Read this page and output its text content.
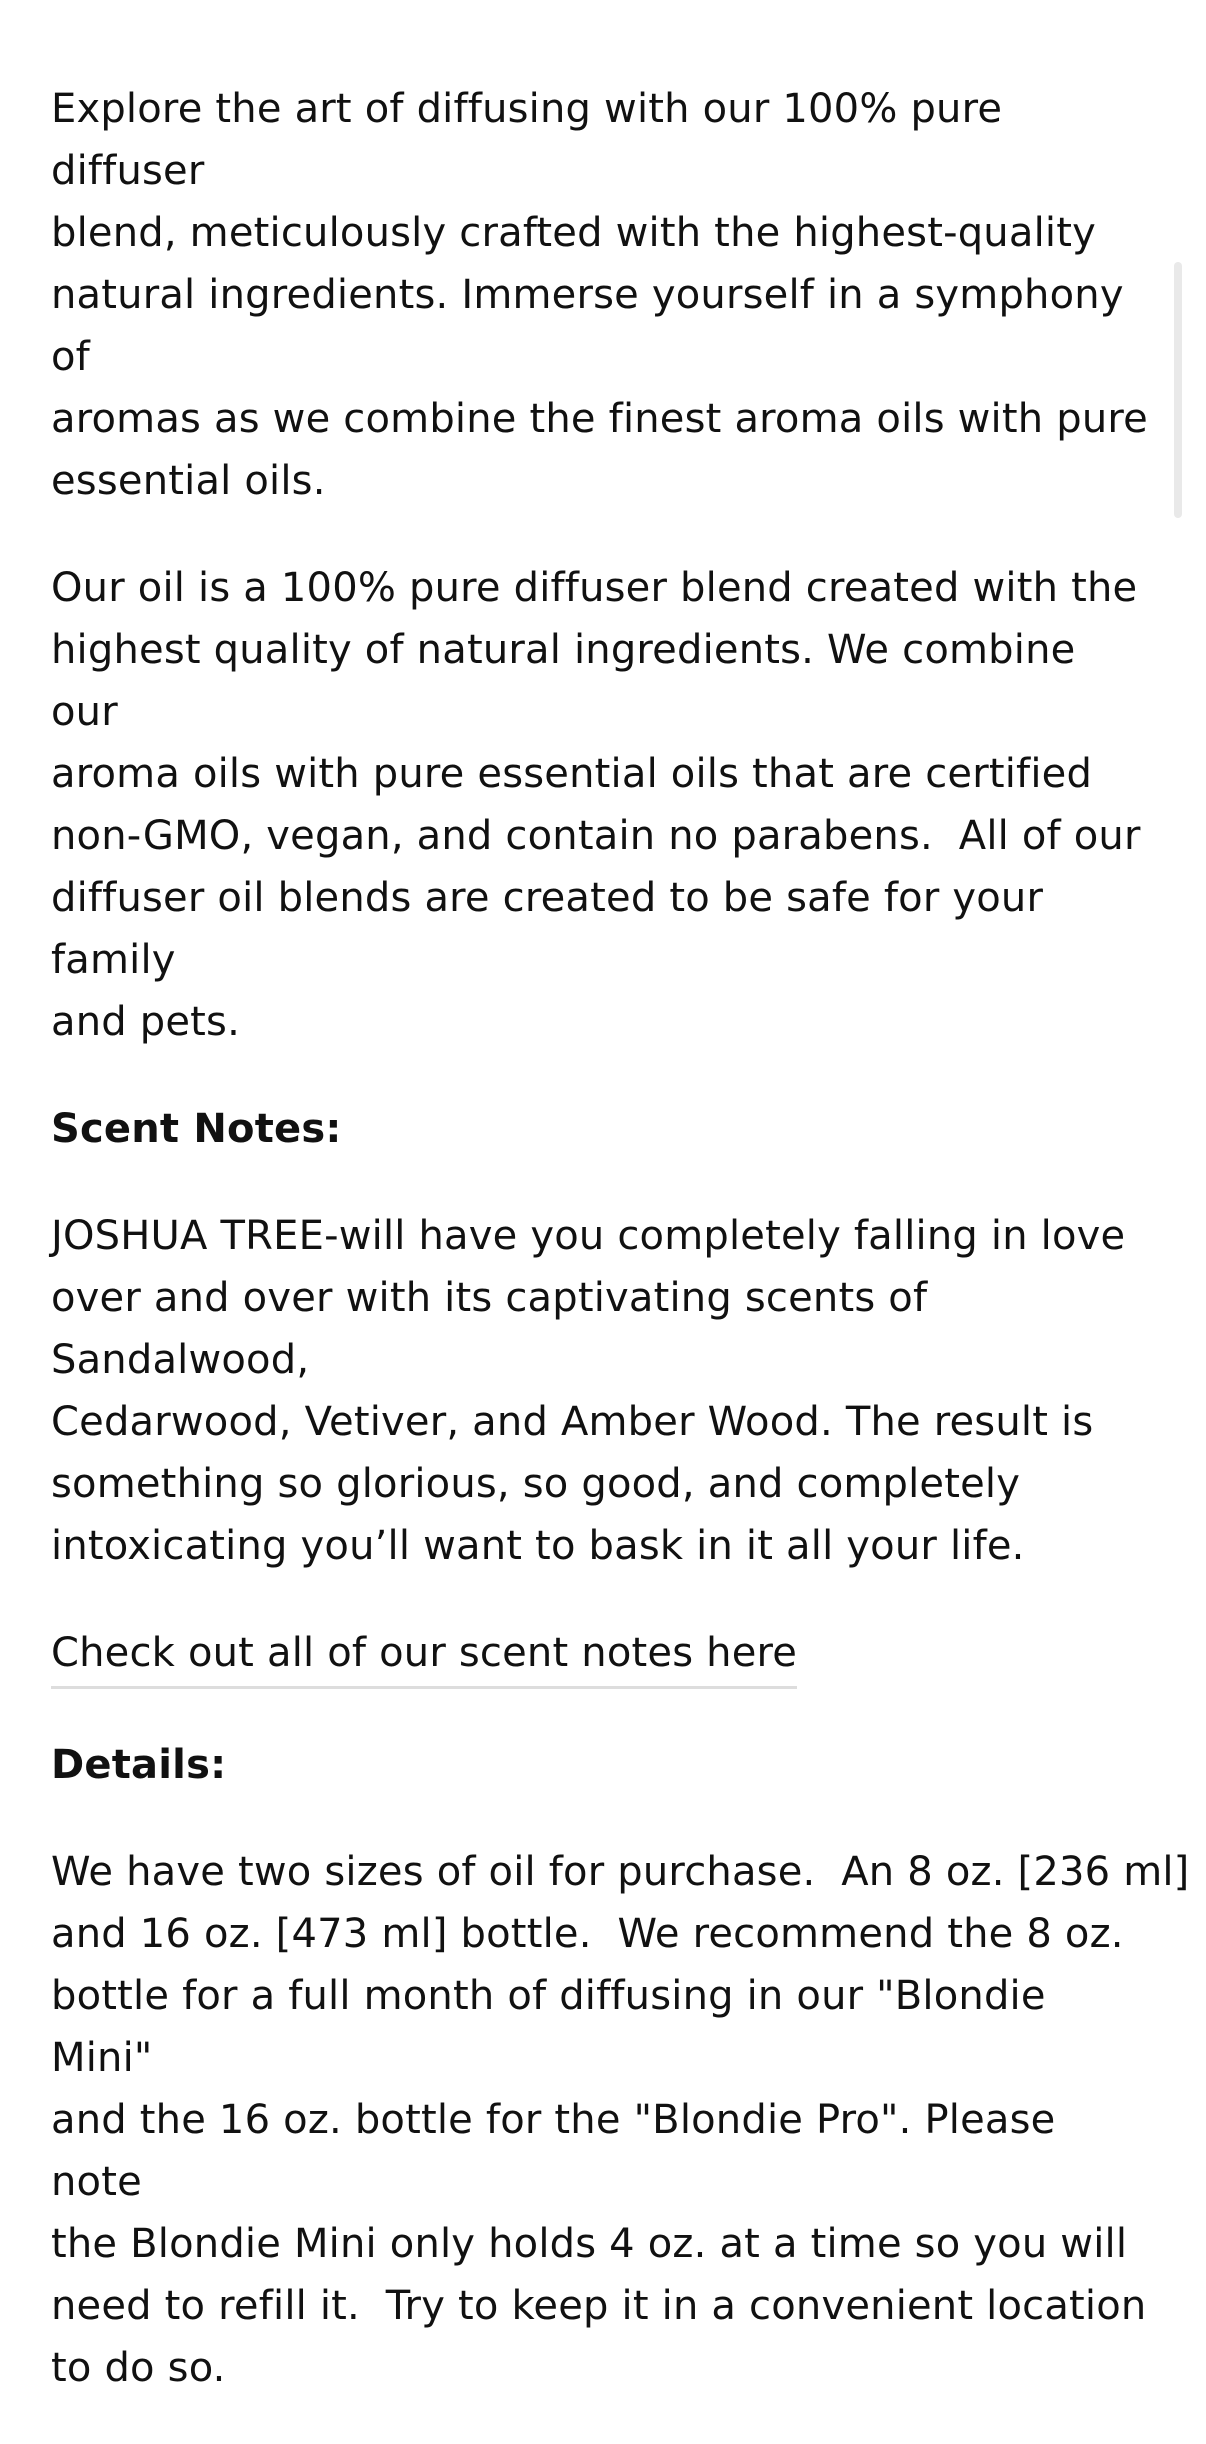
Explore the art of diffusing with our 100% pure diffuser
blend, meticulously crafted with the highest-quality
natural ingredients. Immerse yourself in a symphony of
aromas as we combine the finest aroma oils with pure
essential oils.

Our oil is a 100% pure diffuser blend created with the
highest quality of natural ingredients. We combine our
aroma oils with pure essential oils that are certified
non-GMO, vegan, and contain no parabens.  All of our
diffuser oil blends are created to be safe for your family
and pets.

Scent Notes:

JOSHUA TREE-will have you completely falling in love
over and over with its captivating scents of Sandalwood,
Cedarwood, Vetiver, and Amber Wood. The result is
something so glorious, so good, and completely
intoxicating you’ll want to bask in it all your life.

Check out all of our scent notes here

Details:

We have two sizes of oil for purchase.  An 8 oz. [236 ml]
and 16 oz. [473 ml] bottle.  We recommend the 8 oz.
bottle for a full month of diffusing in our "Blondie Mini"
and the 16 oz. bottle for the "Blondie Pro". Please note
the Blondie Mini only holds 4 oz. at a time so you will
need to refill it.  Try to keep it in a convenient location
to do so.
